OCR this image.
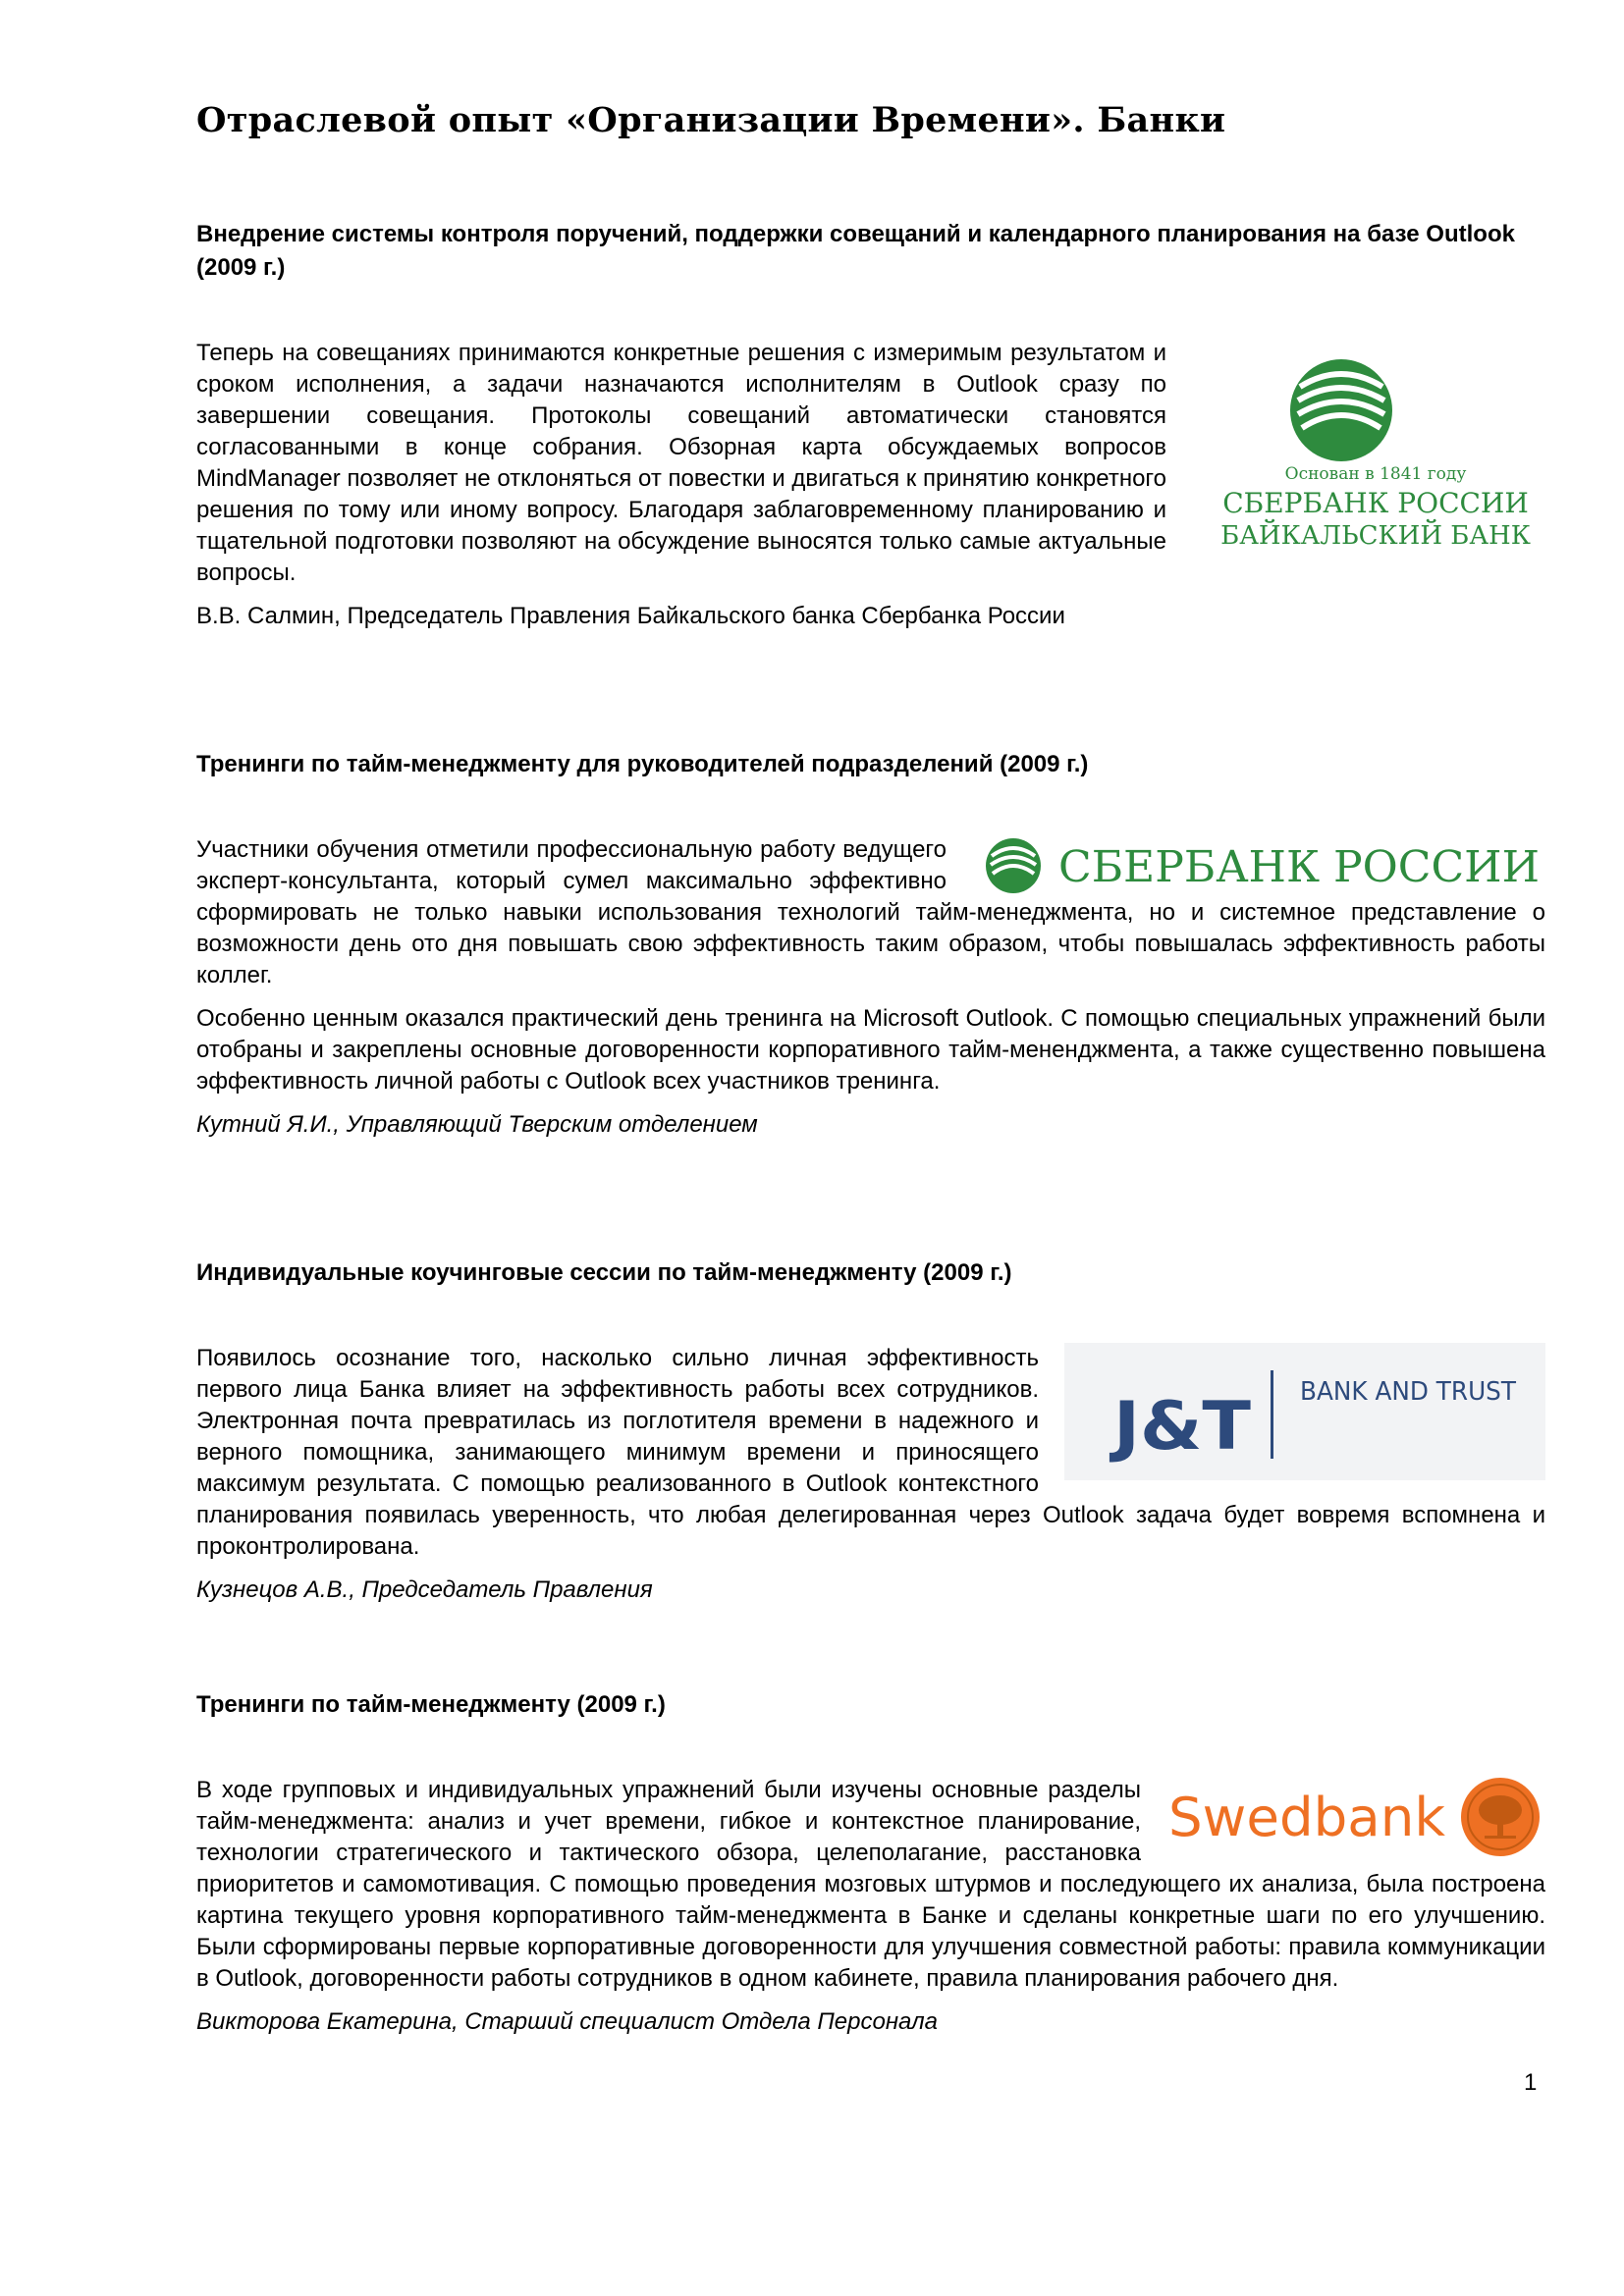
Отраслевой опыт «Организации Времени». Банки

Внедрение системы контроля поручений, поддержки совещаний и календарного планирования на базе Outlook (2009 г.)

Основан в 1841 году
СБЕРБАНК РОССИИ
БАЙКАЛЬСКИЙ БАНК

Теперь на совещаниях принимаются конкретные решения с измеримым результатом и сроком исполнения, а задачи назначаются исполнителям в Outlook сразу по завершении совещания. Протоколы совещаний автоматически становятся согласованными в конце собрания. Обзорная карта обсуждаемых вопросов MindManager позволяет не отклоняться от повестки и двигаться к принятию конкретного решения по тому или иному вопросу. Благодаря заблаговременному планированию и тщательной подготовки позволяют на обсуждение выносятся только самые актуальные вопросы.

В.В. Салмин, Председатель Правления Байкальского банка Сбербанка России

Тренинги по тайм-менеджменту для руководителей подразделений (2009 г.)

СБЕРБАНК РОССИИ

Участники обучения отметили профессиональную работу ведущего эксперт-консультанта, который сумел максимально эффективно сформировать не только навыки использования технологий тайм-менеджмента, но и системное представление о возможности день ото дня повышать свою эффективность таким образом, чтобы повышалась эффективность работы коллег.

Особенно ценным оказался практический день тренинга на Microsoft Outlook. С помощью специальных упражнений были отобраны и закреплены основные договоренности корпоративного тайм-мененджмента, а также существенно повышена эффективность личной работы с Outlook всех участников тренинга.

Кутний Я.И., Управляющий Тверским отделением

Индивидуальные коучинговые сессии по тайм-менеджменту (2009 г.)

J&T BANK AND TRUST

Появилось осознание того, насколько сильно личная эффективность первого лица Банка влияет на эффективность работы всех сотрудников. Электронная почта превратилась из поглотителя времени в надежного и верного помощника, занимающего минимум времени и приносящего максимум результата. С помощью реализованного в Outlook контекстного планирования появилась уверенность, что любая делегированная через Outlook задача будет вовремя вспомнена и проконтролирована.

Кузнецов А.В., Председатель Правления

Тренинги по тайм-менеджменту (2009 г.)

Swedbank

В ходе групповых и индивидуальных упражнений были изучены основные разделы тайм-менеджмента: анализ и учет времени, гибкое и контекстное планирование, технологии стратегического и тактического обзора, целеполагание, расстановка приоритетов и самомотивация. С помощью проведения мозговых штурмов и последующего их анализа, была построена картина текущего уровня корпоративного тайм-менеджмента в Банке и сделаны конкретные шаги по его улучшению. Были сформированы первые корпоративные договоренности для улучшения совместной работы: правила коммуникации в Outlook, договоренности работы сотрудников в одном кабинете, правила планирования рабочего дня.

Викторова Екатерина, Старший специалист Отдела Персонала

1
